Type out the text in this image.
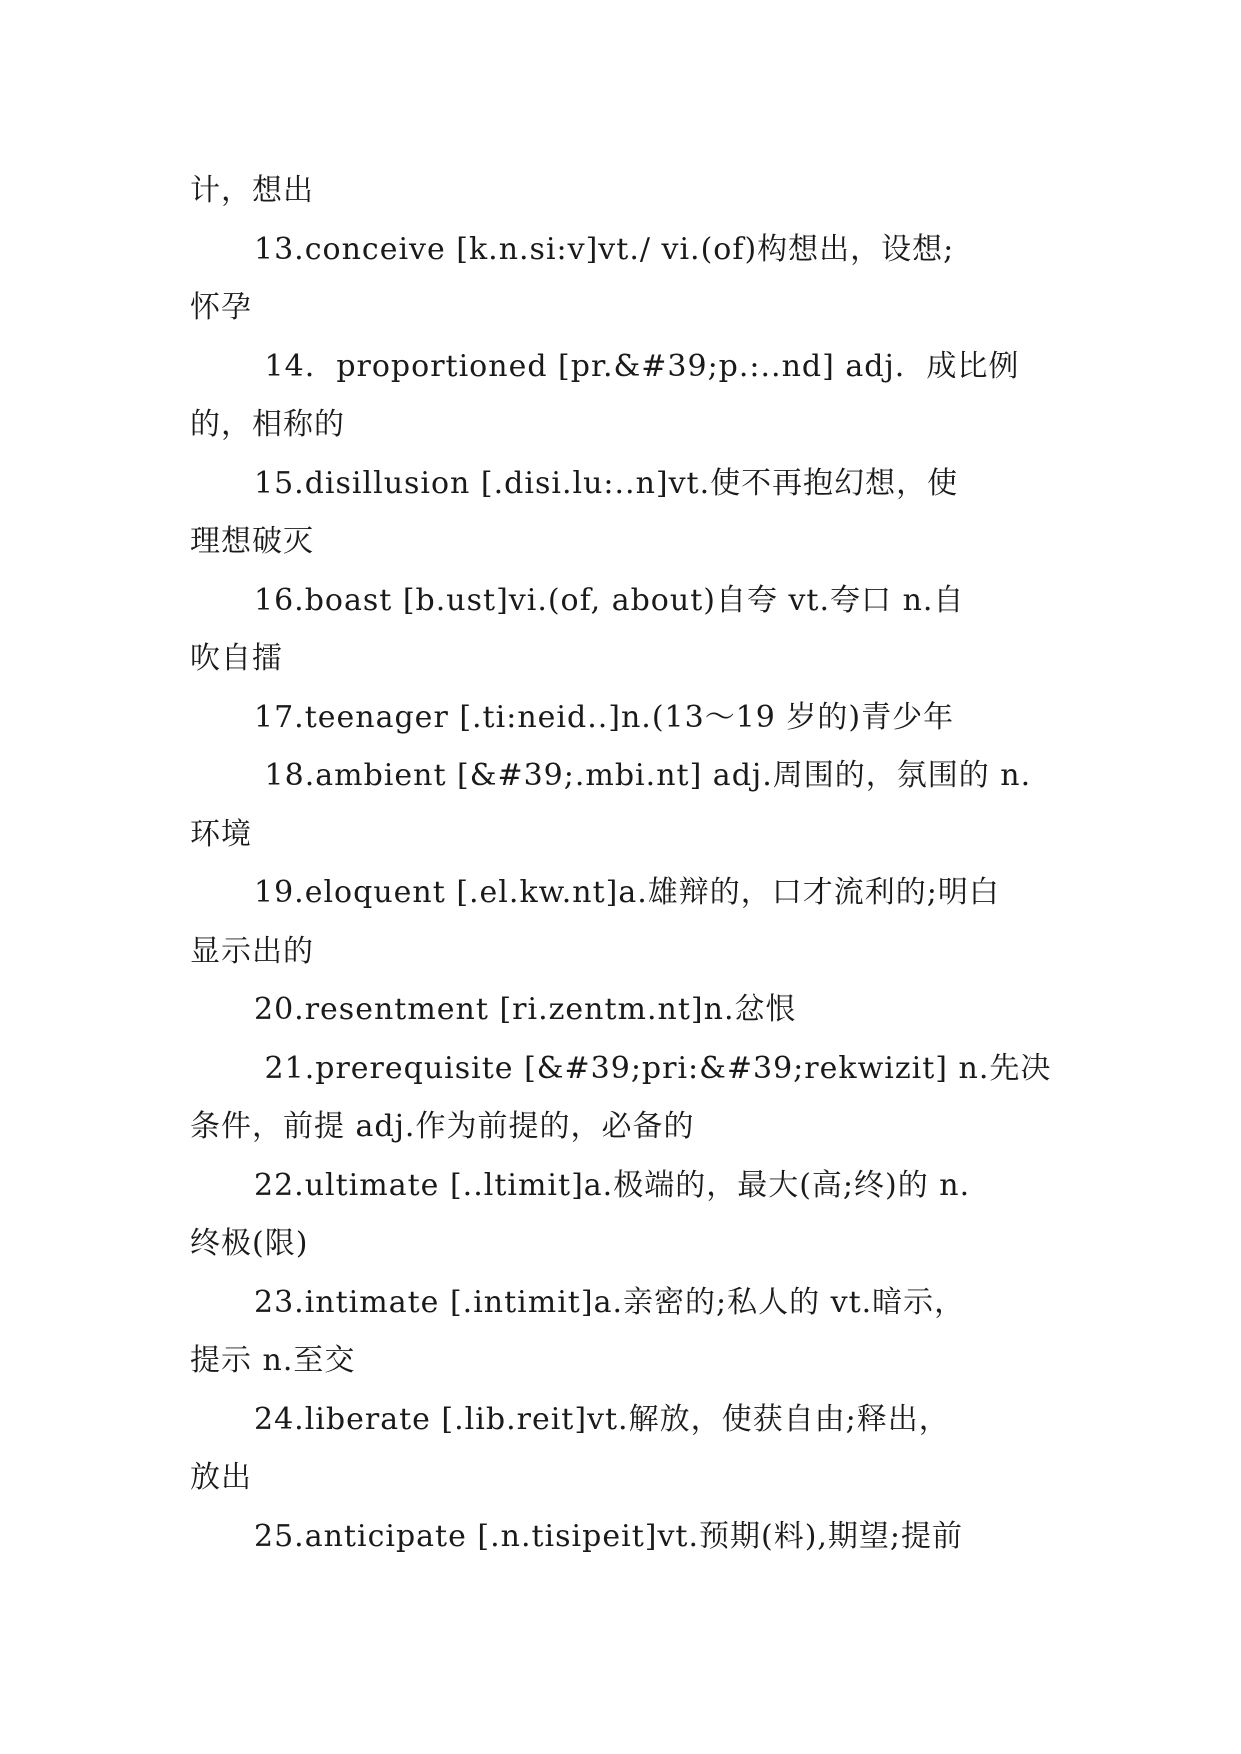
计，想出
13.conceive [k.n.si:v]vt./ vi.(of)构想出，设想;
怀孕
14.  proportioned [pr.&#39;p.:..nd] adj.  成比例
的，相称的
15.disillusion [.disi.lu:..n]vt.使不再抱幻想，使
理想破灭
16.boast [b.ust]vi.(of, about)自夸 vt.夸口 n.自
吹自擂
17.teenager [.ti:neid..]n.(13～19 岁的)青少年
18.ambient [&#39;.mbi.nt] adj.周围的，氛围的 n.
环境
19.eloquent [.el.kw.nt]a.雄辩的，口才流利的;明白
显示出的
20.resentment [ri.zentm.nt]n.忿恨
21.prerequisite [&#39;pri:&#39;rekwizit] n.先决
条件，前提 adj.作为前提的，必备的
22.ultimate [..ltimit]a.极端的，最大(高;终)的 n.
终极(限)
23.intimate [.intimit]a.亲密的;私人的 vt.暗示，
提示 n.至交
24.liberate [.lib.reit]vt.解放，使获自由;释出，
放出
25.anticipate [.n.tisipeit]vt.预期(料),期望;提前
